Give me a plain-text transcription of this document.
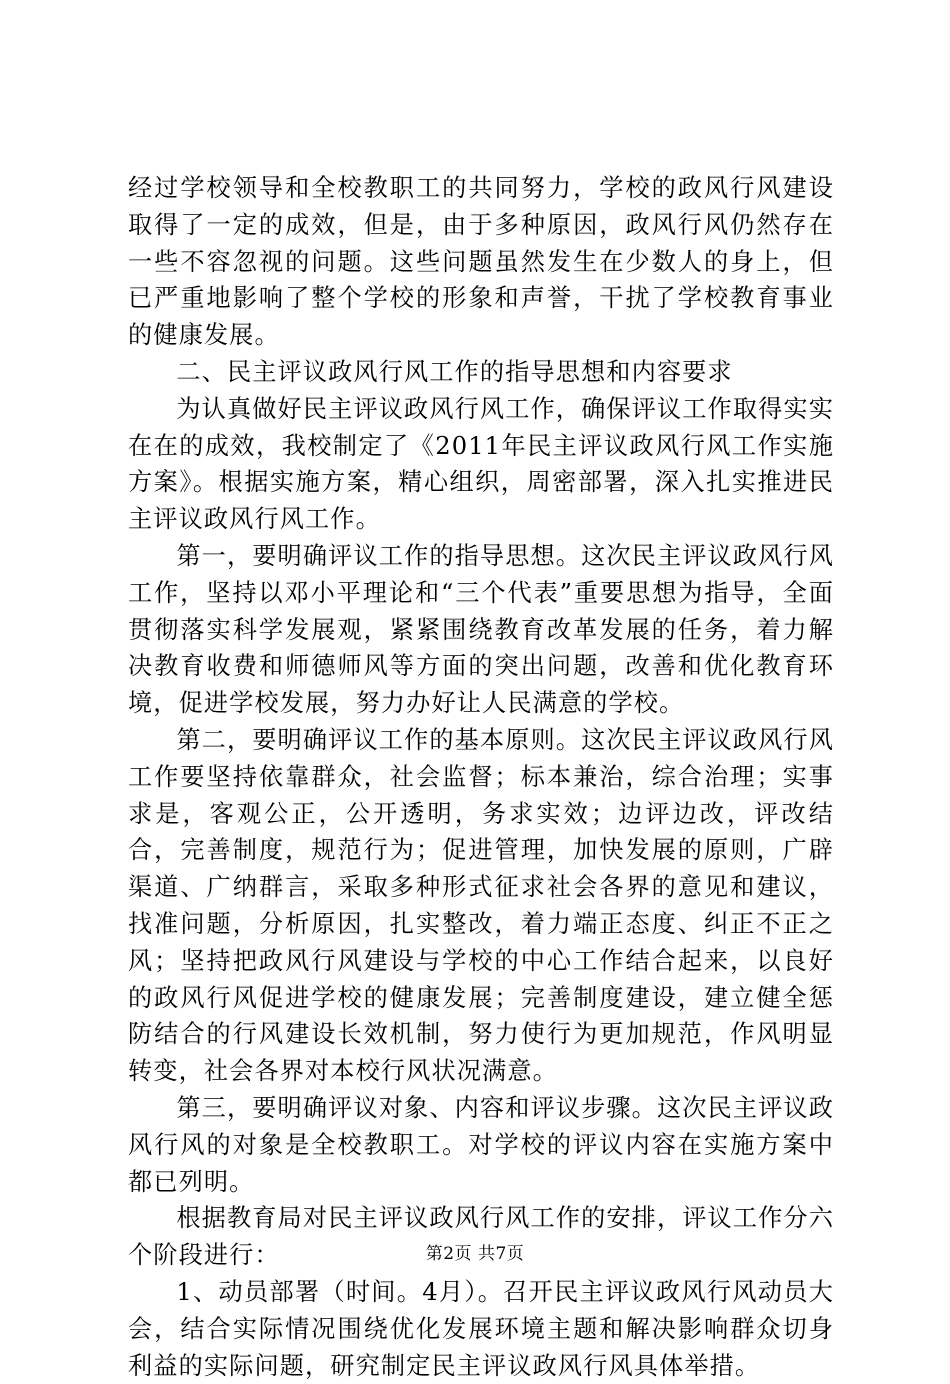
经过学校领导和全校教职工的共同努力，学校的政风行风建设取得了一定的成效，但是，由于多种原因，政风行风仍然存在一些不容忽视的问题。这些问题虽然发生在少数人的身上，但已严重地影响了整个学校的形象和声誉，干扰了学校教育事业的健康发展。

二、民主评议政风行风工作的指导思想和内容要求

为认真做好民主评议政风行风工作，确保评议工作取得实实在在的成效，我校制定了《2011年民主评议政风行风工作实施方案》。根据实施方案，精心组织，周密部署，深入扎实推进民主评议政风行风工作。

第一，要明确评议工作的指导思想。这次民主评议政风行风工作，坚持以邓小平理论和“三个代表”重要思想为指导，全面贯彻落实科学发展观，紧紧围绕教育改革发展的任务，着力解决教育收费和师德师风等方面的突出问题，改善和优化教育环境，促进学校发展，努力办好让人民满意的学校。

第二，要明确评议工作的基本原则。这次民主评议政风行风工作要坚持依靠群众，社会监督；标本兼治，综合治理；实事求是，客观公正，公开透明，务求实效；边评边改，评改结合，完善制度，规范行为；促进管理，加快发展的原则，广辟渠道、广纳群言，采取多种形式征求社会各界的意见和建议，找准问题，分析原因，扎实整改，着力端正态度、纠正不正之风；坚持把政风行风建设与学校的中心工作结合起来，以良好的政风行风促进学校的健康发展；完善制度建设，建立健全惩防结合的行风建设长效机制，努力使行为更加规范，作风明显转变，社会各界对本校行风状况满意。

第三，要明确评议对象、内容和评议步骤。这次民主评议政风行风的对象是全校教职工。对学校的评议内容在实施方案中都已列明。

根据教育局对民主评议政风行风工作的安排，评议工作分六个阶段进行：

1、动员部署（时间。4月）。召开民主评议政风行风动员大会，结合实际情况围绕优化发展环境主题和解决影响群众切身利益的实际问题，研究制定民主评议政风行风具体举措。

第2页 共7页
